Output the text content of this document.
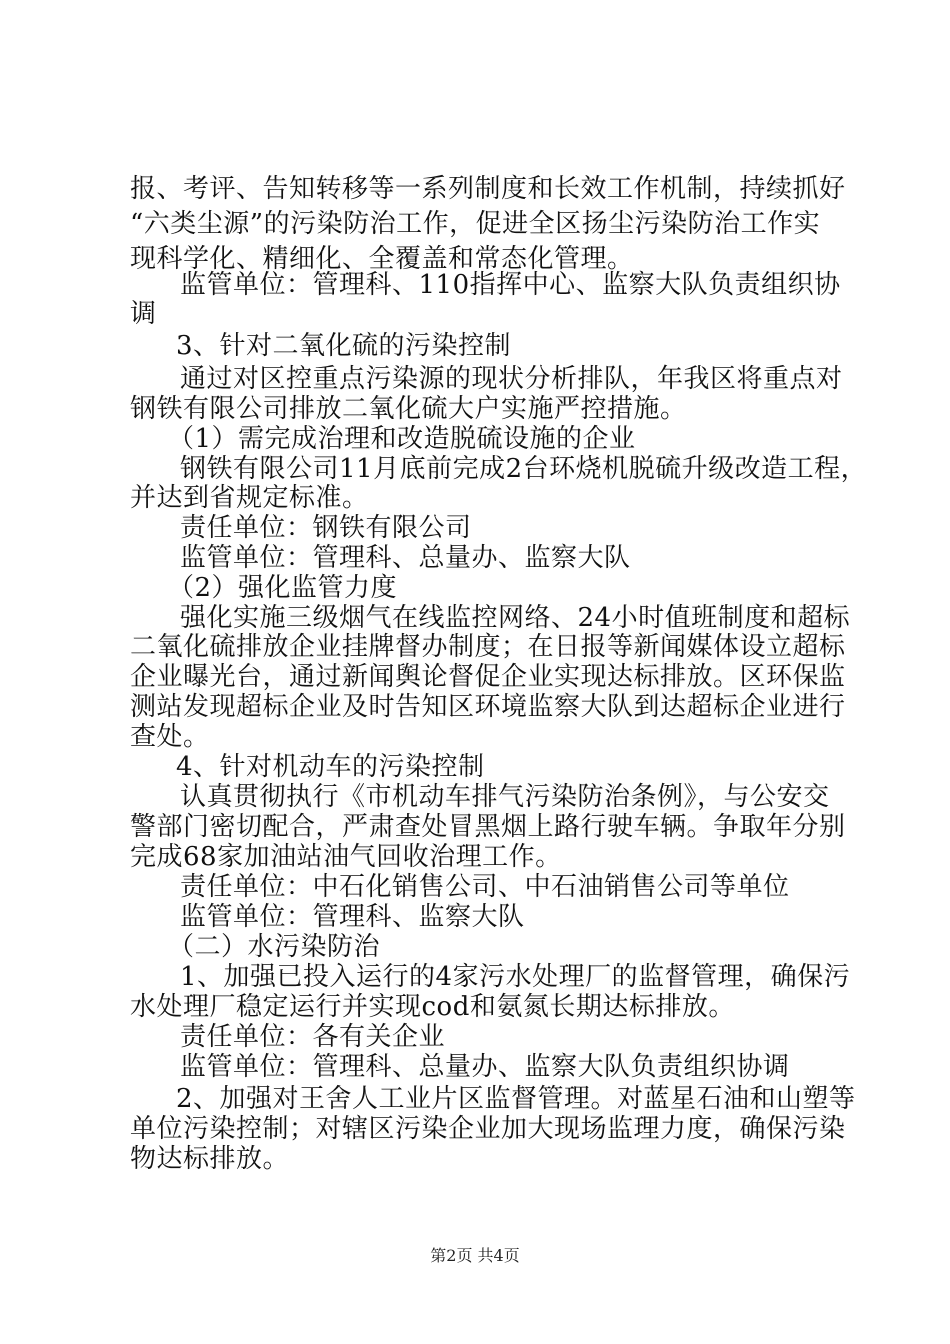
报、考评、告知转移等一系列制度和长效工作机制，持续抓好
“六类尘源”的污染防治工作，促进全区扬尘污染防治工作实
现科学化、精细化、全覆盖和常态化管理。
监管单位：管理科、110指挥中心、监察大队负责组织协
调
3、针对二氧化硫的污染控制
通过对区控重点污染源的现状分析排队，年我区将重点对
钢铁有限公司排放二氧化硫大户实施严控措施。
（1）需完成治理和改造脱硫设施的企业
钢铁有限公司11月底前完成2台环烧机脱硫升级改造工程，
并达到省规定标准。
责任单位：钢铁有限公司
监管单位：管理科、总量办、监察大队
（2）强化监管力度
强化实施三级烟气在线监控网络、24小时值班制度和超标
二氧化硫排放企业挂牌督办制度；在日报等新闻媒体设立超标
企业曝光台，通过新闻舆论督促企业实现达标排放。区环保监
测站发现超标企业及时告知区环境监察大队到达超标企业进行
查处。
4、针对机动车的污染控制
认真贯彻执行《市机动车排气污染防治条例》，与公安交
警部门密切配合，严肃查处冒黑烟上路行驶车辆。争取年分别
完成68家加油站油气回收治理工作。
责任单位：中石化销售公司、中石油销售公司等单位
监管单位：管理科、监察大队
（二）水污染防治
1、加强已投入运行的4家污水处理厂的监督管理，确保污
水处理厂稳定运行并实现cod和氨氮长期达标排放。
责任单位：各有关企业
监管单位：管理科、总量办、监察大队负责组织协调
2、加强对王舍人工业片区监督管理。对蓝星石油和山塑等
单位污染控制；对辖区污染企业加大现场监理力度，确保污染
物达标排放。
第2页 共4页
